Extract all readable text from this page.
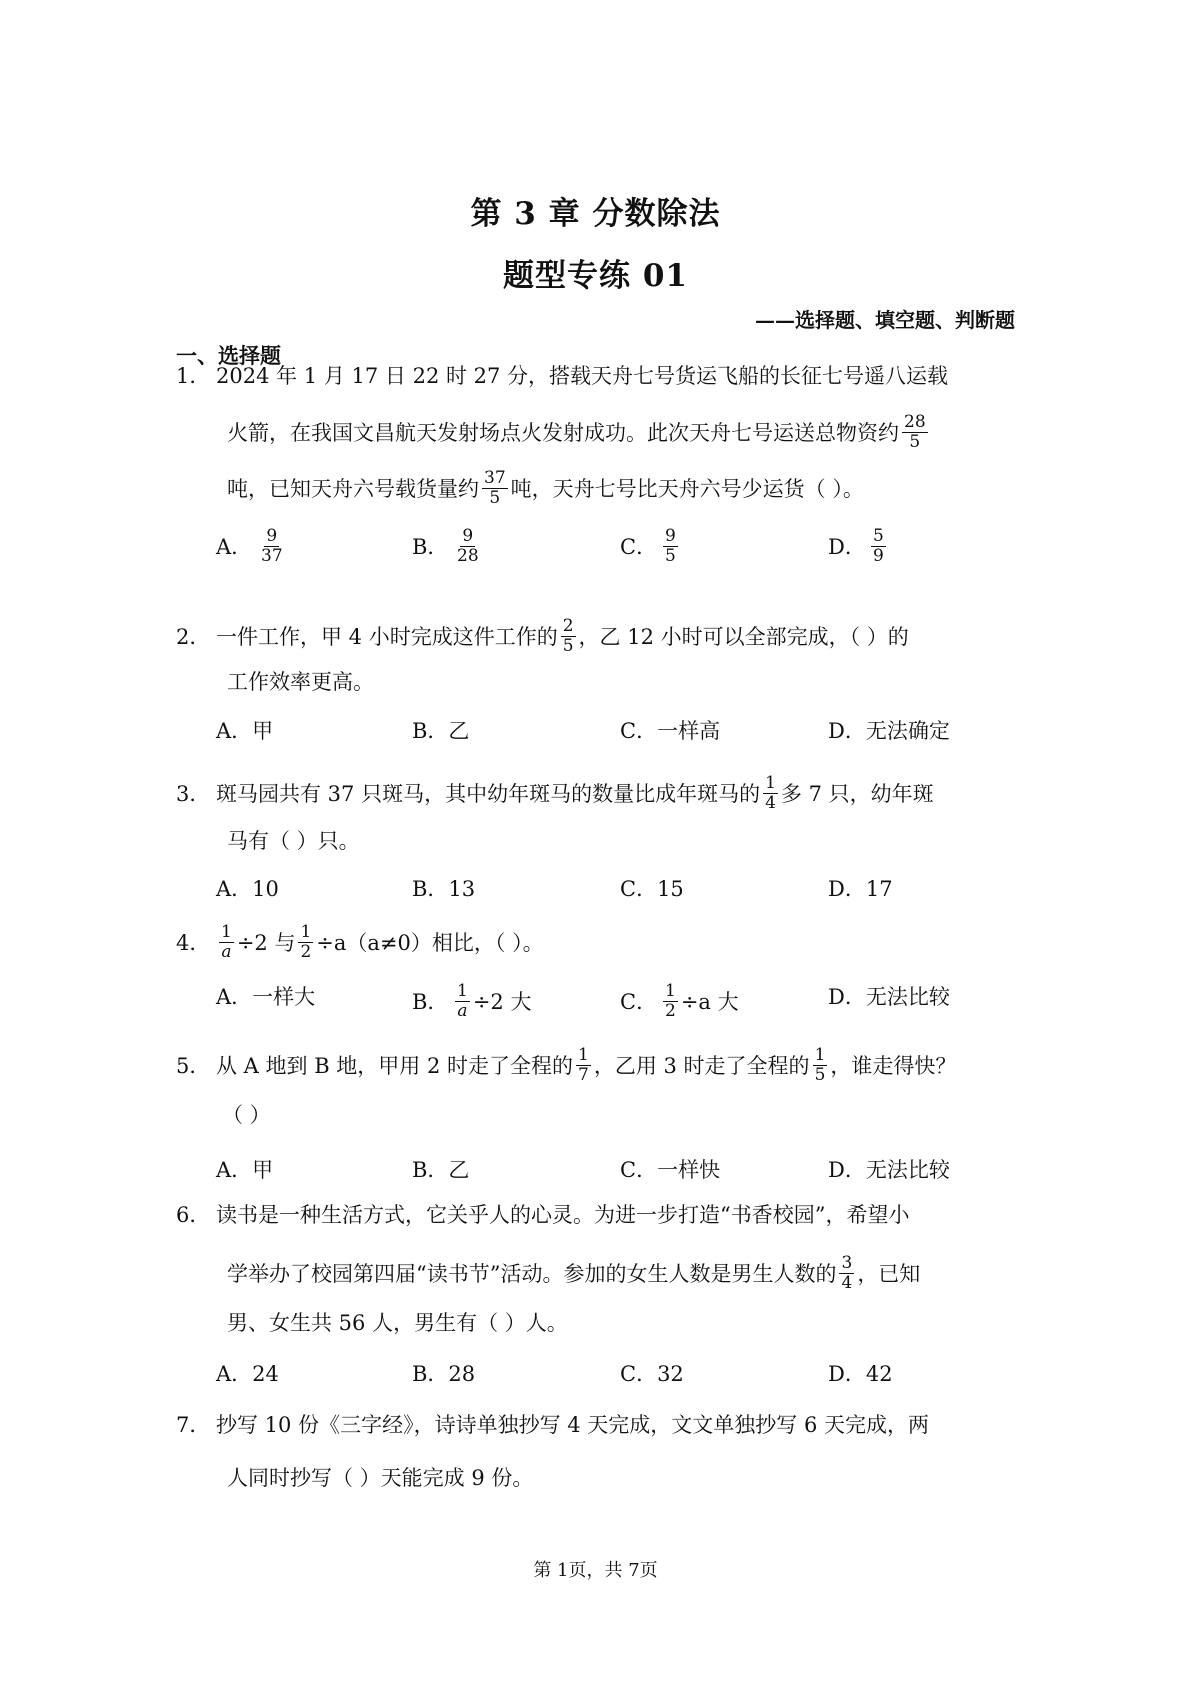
第 3 章 分数除法
题型专练 01
——选择题、填空题、判断题
一、选择题
1． 2024 年 1 月 17 日 22 时 27 分，搭载天舟七号货运飞船的长征七号遥八运载
火箭，在我国文昌航天发射场点火发射成功。此次天舟七号运送总物资约 $\frac{28}{5}$
吨，已知天舟六号载货量约 $\frac{37}{5}$ 吨，天舟七号比天舟六号少运货（ ）。
A． $\frac{9}{37}$	B． $\frac{9}{28}$	C． $\frac{9}{5}$	D． $\frac{5}{9}$
2． 一件工作，甲 4 小时完成这件工作的 $\frac{2}{5}$ ，乙 12 小时可以全部完成，（ ）的
工作效率更高。
A．甲	B．乙	C．一样高	D．无法确定
3． 斑马园共有 37 只斑马，其中幼年斑马的数量比成年斑马的 $\frac{1}{4}$ 多 7 只，幼年斑
马有（ ）只。
A．10	B．13	C．15	D．17
4． $\frac{1}{a} \div 2$ 与 $\frac{1}{2} \div a(a\ne 0)$相比，（ ）。
A．一样大	B． $\frac{1}{a} \div 2$ 大	C． $\frac{1}{2} \div a$ 大	D．无法比较
5． 从 A 地到 B 地，甲用 2 时走了全程的 $\frac{1}{7}$ ，乙用 3 时走了全程的 $\frac{1}{5}$ ，谁走得快？
（ ）
A．甲	B．乙	C．一样快	D．无法比较
6． 读书是一种生活方式，它关乎人的心灵。为进一步打造“书香校园”，希望小
学举办了校园第四届“读书节”活动。参加的女生人数是男生人数的 $\frac{3}{4}$ ，已知
男、女生共 56 人，男生有（ ）人。
A．24	B．28	C．32	D．42
7． 抄写 10 份《三字经》，诗诗单独抄写 4 天完成，文文单独抄写 6 天完成，两
人同时抄写（ ）天能完成 9 份。
第 1页，共 7页
